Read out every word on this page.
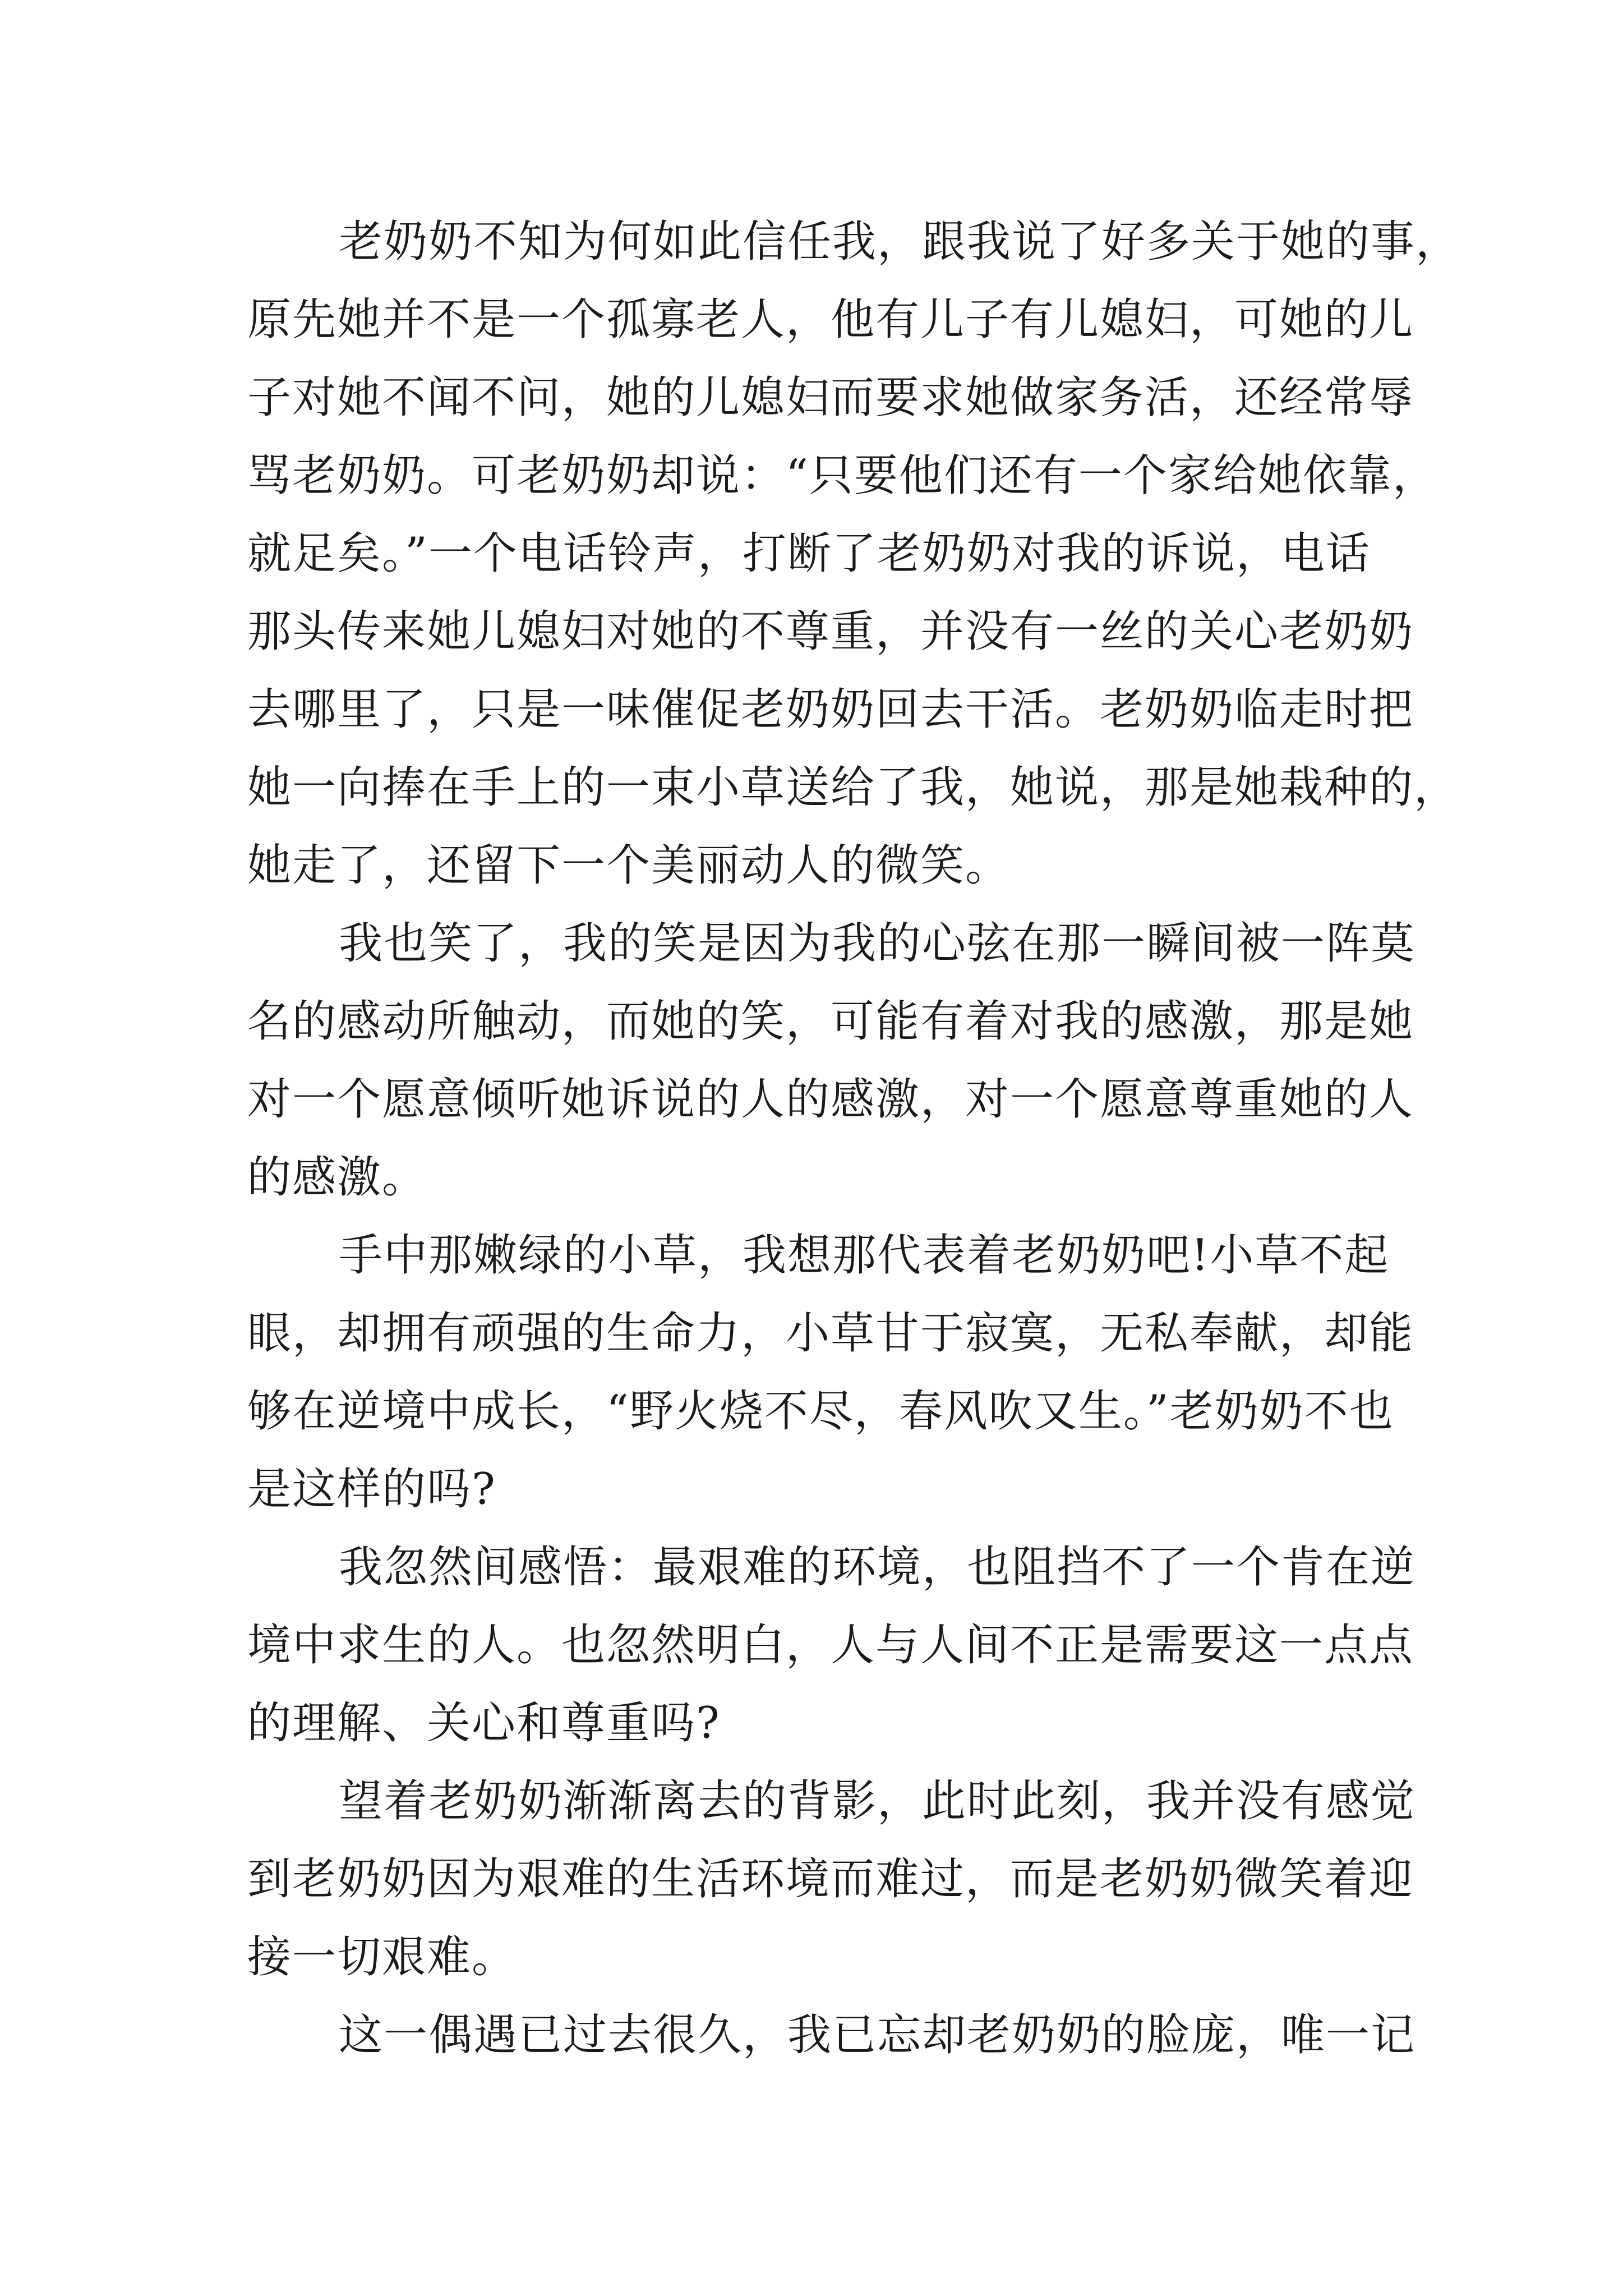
老奶奶不知为何如此信任我，跟我说了好多关于她的事，
原先她并不是一个孤寡老人，他有儿子有儿媳妇，可她的儿
子对她不闻不问，她的儿媳妇而要求她做家务活，还经常辱
骂老奶奶。可老奶奶却说：“只要他们还有一个家给她依靠，
就足矣。”一个电话铃声，打断了老奶奶对我的诉说，电话
那头传来她儿媳妇对她的不尊重，并没有一丝的关心老奶奶
去哪里了，只是一味催促老奶奶回去干活。老奶奶临走时把
她一向捧在手上的一束小草送给了我，她说，那是她栽种的，
她走了，还留下一个美丽动人的微笑。
我也笑了，我的笑是因为我的心弦在那一瞬间被一阵莫
名的感动所触动，而她的笑，可能有着对我的感激，那是她
对一个愿意倾听她诉说的人的感激，对一个愿意尊重她的人
的感激。
手中那嫩绿的小草，我想那代表着老奶奶吧!小草不起
眼，却拥有顽强的生命力，小草甘于寂寞，无私奉献，却能
够在逆境中成长，“野火烧不尽，春风吹又生。”老奶奶不也
是这样的吗?
我忽然间感悟：最艰难的环境，也阻挡不了一个肯在逆
境中求生的人。也忽然明白，人与人间不正是需要这一点点
的理解、关心和尊重吗?
望着老奶奶渐渐离去的背影，此时此刻，我并没有感觉
到老奶奶因为艰难的生活环境而难过，而是老奶奶微笑着迎
接一切艰难。
这一偶遇已过去很久，我已忘却老奶奶的脸庞，唯一记
